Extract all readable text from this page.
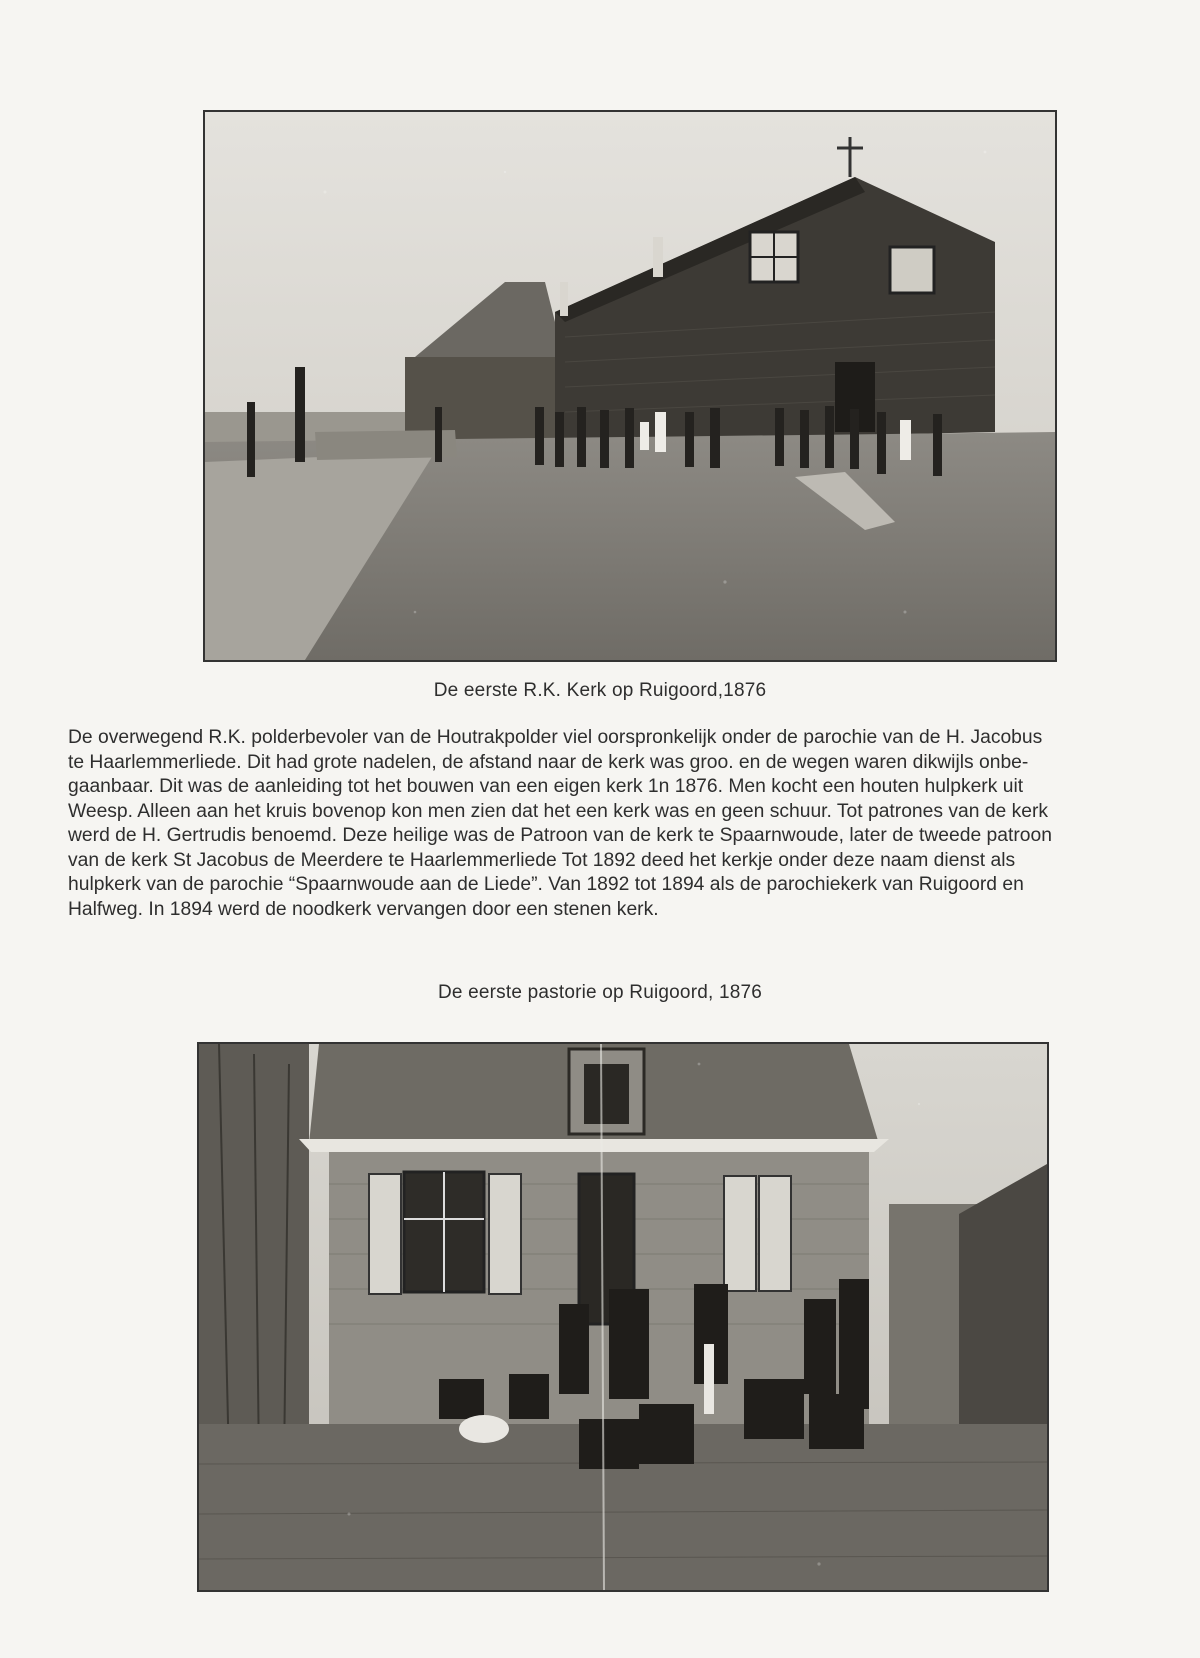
De eerste R.K. Kerk op Ruigoord,1876
De overwegend R.K. polderbevoler van de Houtrakpolder viel oorspronkelijk onder de parochie van de H. Jacobus
te Haarlemmerliede. Dit had grote nadelen, de afstand naar de kerk was groo. en de wegen waren dikwijls onbe-
gaanbaar. Dit was de aanleiding tot het bouwen van een eigen kerk 1n 1876. Men kocht een houten hulpkerk uit
Weesp. Alleen aan het kruis bovenop kon men zien dat het een kerk was en geen schuur. Tot patrones van de kerk
werd de H. Gertrudis benoemd. Deze heilige was de Patroon van de kerk te Spaarnwoude, later de tweede patroon
van de kerk St Jacobus de Meerdere te Haarlemmerliede Tot 1892 deed het kerkje onder deze naam dienst als
hulpkerk van de parochie “Spaarnwoude aan de Liede”. Van 1892 tot 1894 als de parochiekerk van Ruigoord en
Halfweg. In 1894 werd de noodkerk vervangen door een stenen kerk.
De eerste pastorie op Ruigoord, 1876
